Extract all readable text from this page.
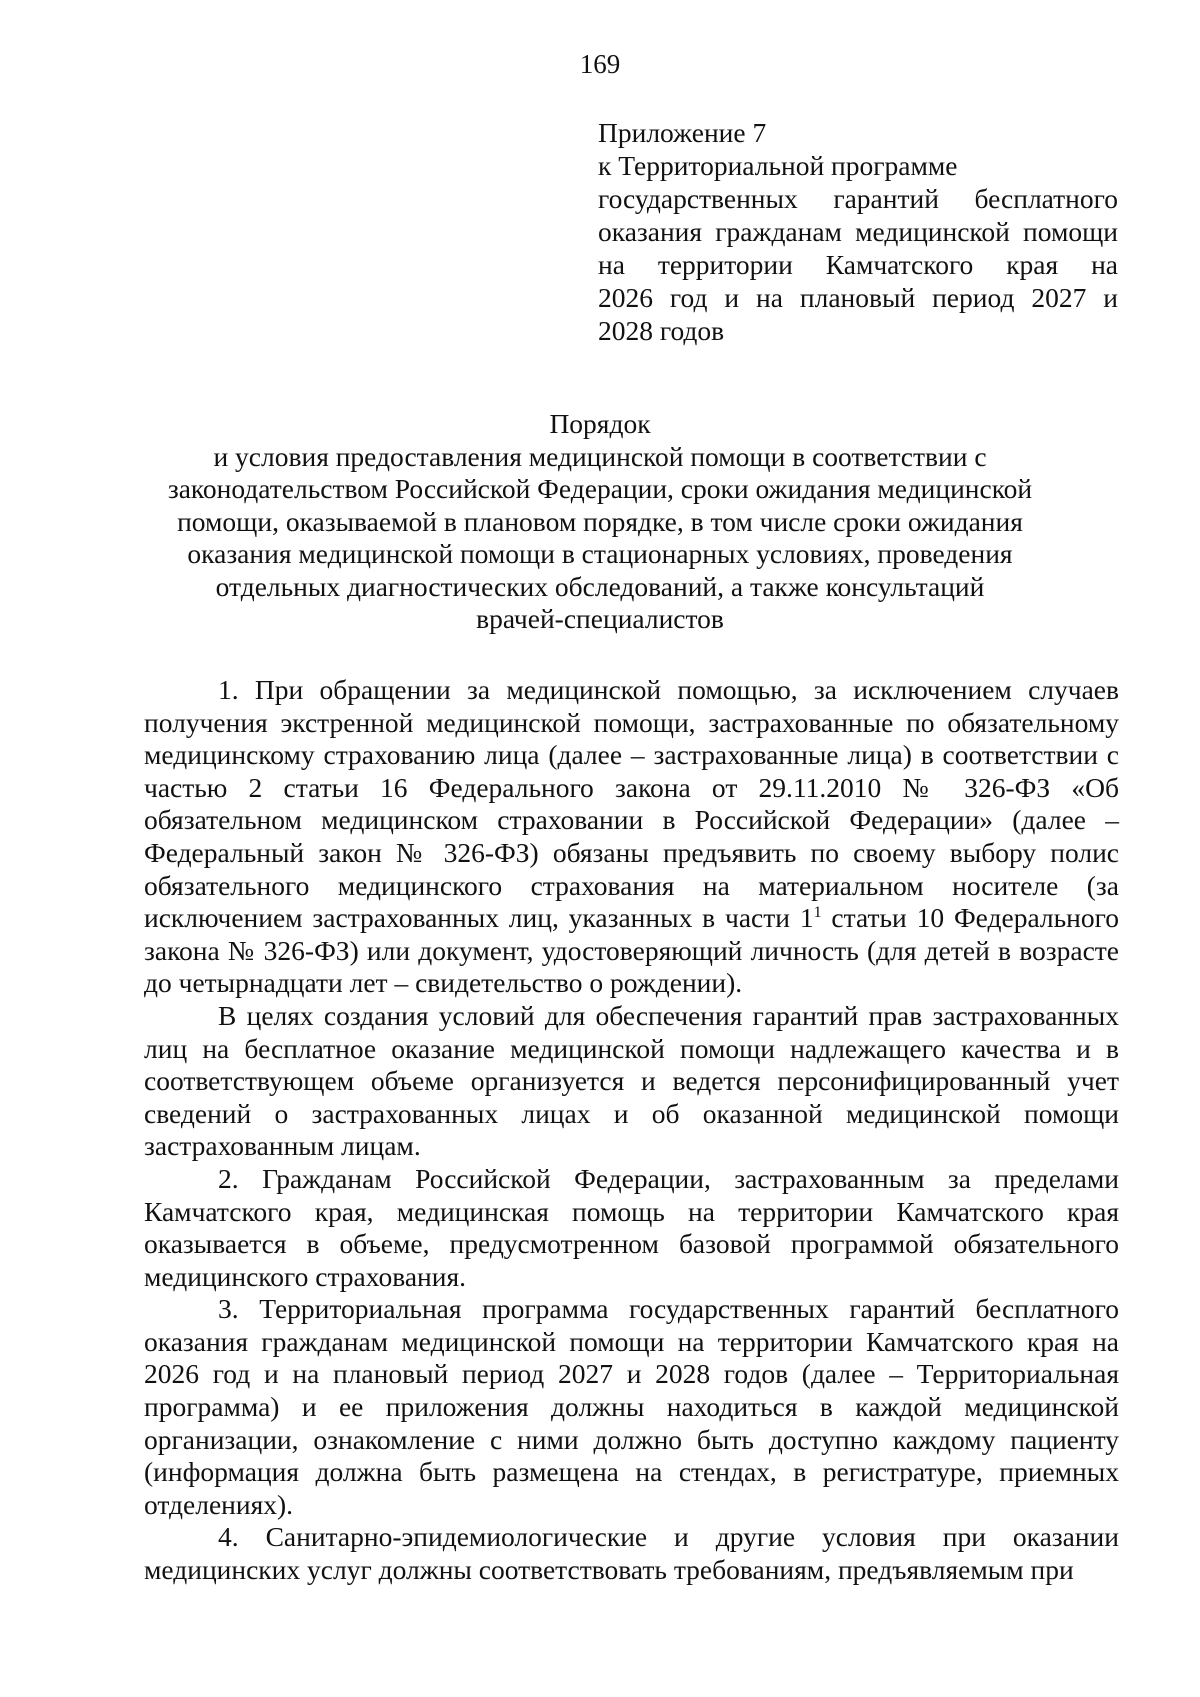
169
Приложение 7
к Территориальной программе
государственных гарантий бесплатного
оказания гражданам медицинской помощи
на территории Камчатского края на
2026 год и на плановый период 2027 и
2028 годов
Порядок
и условия предоставления медицинской помощи в соответствии с
законодательством Российской Федерации, сроки ожидания медицинской
помощи, оказываемой в плановом порядке, в том числе сроки ожидания
оказания медицинской помощи в стационарных условиях, проведения
отдельных диагностических обследований, а также консультаций
врачей-специалистов

1. При обращении за медицинской помощью, за исключением случаев получения экстренной медицинской помощи, застрахованные по обязательному медицинскому страхованию лица (далее – застрахованные лица) в соответствии с частью 2 статьи 16 Федерального закона от 29.11.2010 № 326-ФЗ «Об обязательном медицинском страховании в Российской Федерации» (далее – Федеральный закон № 326-ФЗ) обязаны предъявить по своему выбору полис обязательного медицинского страхования на материальном носителе (за исключением застрахованных лиц, указанных в части $1^1$ статьи 10 Федерального закона № 326-ФЗ) или документ, удостоверяющий личность (для детей в возрасте до четырнадцати лет – свидетельство о рождении).

В целях создания условий для обеспечения гарантий прав застрахованных лиц на бесплатное оказание медицинской помощи надлежащего качества и в соответствующем объеме организуется и ведется персонифицированный учет сведений о застрахованных лицах и об оказанной медицинской помощи застрахованным лицам.

2. Гражданам Российской Федерации, застрахованным за пределами Камчатского края, медицинская помощь на территории Камчатского края оказывается в объеме, предусмотренном базовой программой обязательного медицинского страхования.

3. Территориальная программа государственных гарантий бесплатного оказания гражданам медицинской помощи на территории Камчатского края на 2026 год и на плановый период 2027 и 2028 годов (далее – Территориальная программа) и ее приложения должны находиться в каждой медицинской организации, ознакомление с ними должно быть доступно каждому пациенту (информация должна быть размещена на стендах, в регистратуре, приемных отделениях).

4. Санитарно-эпидемиологические и другие условия при оказании медицинских услуг должны соответствовать требованиям, предъявляемым при
